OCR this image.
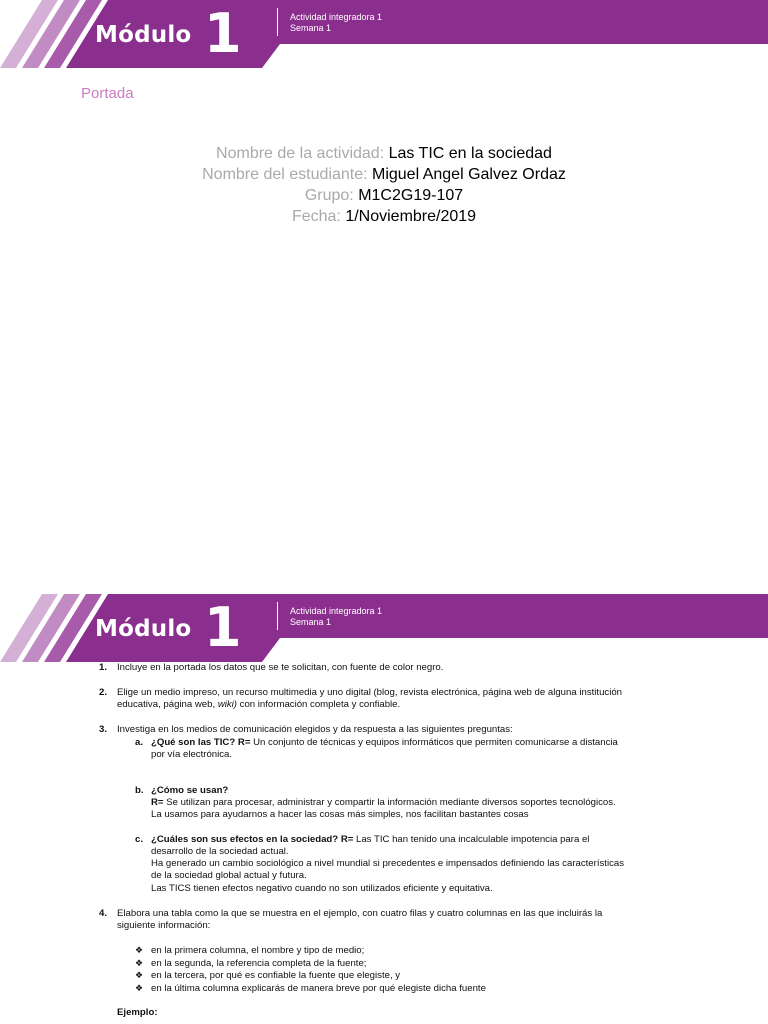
Módulo 1	Actividad integradora 1
Semana 1
Portada
Nombre de la actividad: Las TIC en la sociedad
Nombre del estudiante: Miguel Angel Galvez Ordaz
Grupo: M1C2G19-107
Fecha: 1/Noviembre/2019
Módulo 1	Actividad integradora 1
Semana 1
1. Incluye en la portada los datos que se te solicitan, con fuente de color negro.
2. Elige un medio impreso, un recurso multimedia y uno digital (blog, revista electrónica, página web de alguna institución
educativa, página web, wiki) con información completa y confiable.
3. Investiga en los medios de comunicación elegidos y da respuesta a las siguientes preguntas:
a. ¿Qué son las TIC? R= Un conjunto de técnicas y equipos informáticos que permiten comunicarse a distancia
por vía electrónica.
b. ¿Cómo se usan?
R= Se utilizan para procesar, administrar y compartir la información mediante diversos soportes tecnológicos.
La usamos para ayudarnos a hacer las cosas más simples, nos facilitan bastantes cosas
c. ¿Cuáles son sus efectos en la sociedad? R= Las TIC han tenido una incalculable impotencia para el
desarrollo de la sociedad actual.
Ha generado un cambio sociológico a nivel mundial si precedentes e impensados definiendo las características
de la sociedad global actual y futura.
Las TICS tienen efectos negativo cuando no son utilizados eficiente y equitativa.
4. Elabora una tabla como la que se muestra en el ejemplo, con cuatro filas y cuatro columnas en las que incluirás la
siguiente información:
❖ en la primera columna, el nombre y tipo de medio;
❖ en la segunda, la referencia completa de la fuente;
❖ en la tercera, por qué es confiable la fuente que elegiste, y
❖ en la última columna explicarás de manera breve por qué elegiste dicha fuente
Ejemplo:
